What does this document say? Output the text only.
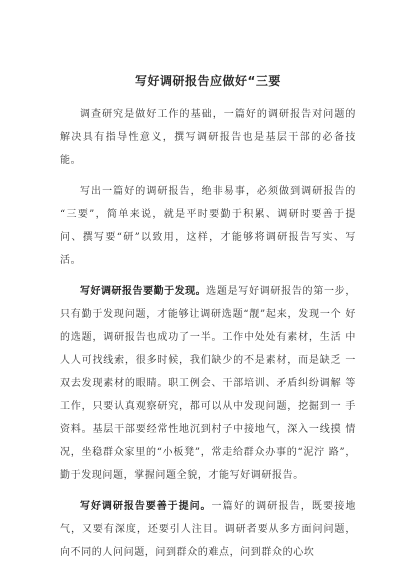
写好调研报告应做好“三要

调查研究是做好工作的基础，一篇好的调研报告对问题的 解决具有指导性意义，撰写调研报告也是基层干部的必备技能。

写出一篇好的调研报告，绝非易事，必须做到调研报告的 “三要”，简单来说，就是平时要勤于积累、调研时要善于提 问、撰写要“研”以致用，这样，才能够将调研报告写实、写 活。

写好调研报告要勤于发现。选题是写好调研报告的第一步，只有勤于发现问题，才能够让调研选题“靓”起来，发现一个 好的选题，调研报告也成功了一半。工作中处处有素材，生活 中人人可找线索，很多时候，我们缺少的不是素材，而是缺乏 一双去发现素材的眼睛。职工例会、干部培训、矛盾纠纷调解 等工作，只要认真观察研究，都可以从中发现问题，挖掘到一 手资料。基层干部要经常性地沉到村子中接地气，深入一线摸 情况，坐稳群众家里的“小板凳”，常走给群众办事的“泥泞 路”，勤于发现问题，掌握问题全貌，才能写好调研报告。

写好调研报告要善于提问。一篇好的调研报告，既要接地 气，又要有深度，还要引人注目。调研者要从多方面问问题， 向不同的人问问题，问到群众的难点，问到群众的心坎
